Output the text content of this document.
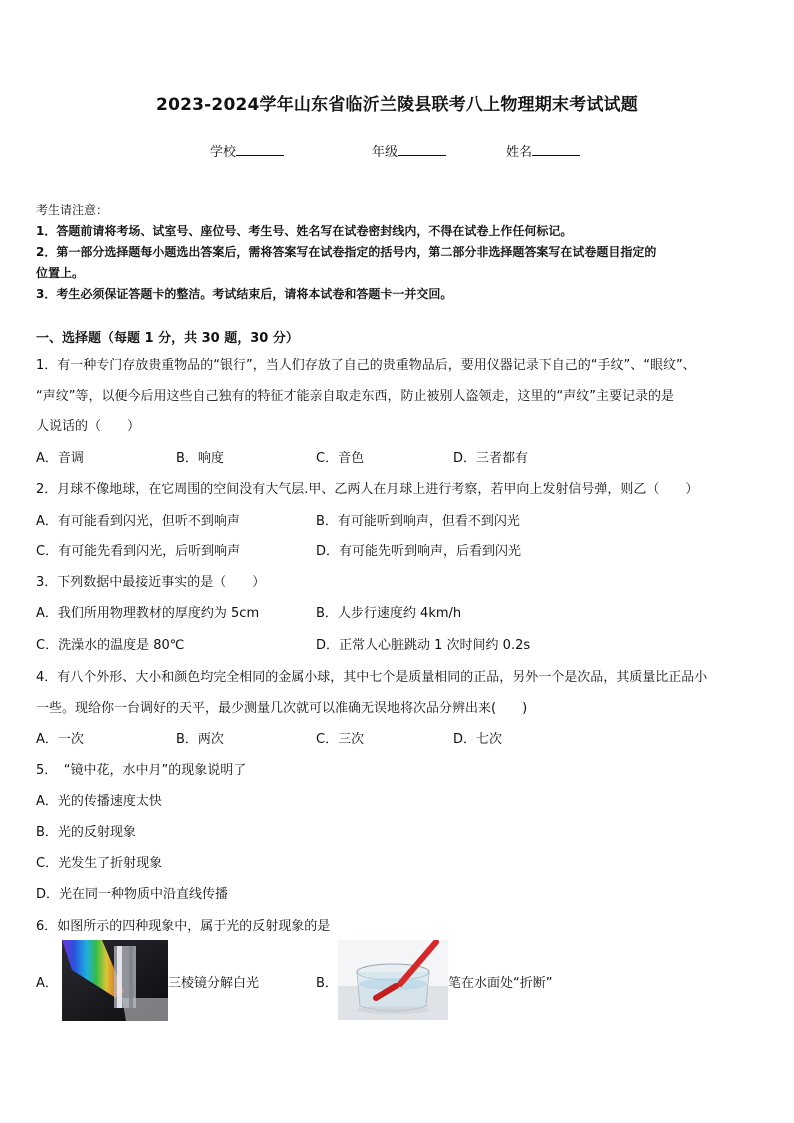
2023-2024学年山东省临沂兰陵县联考八上物理期末考试试题
学校	年级	姓名

考生请注意：

1．答题前请将考场、试室号、座位号、考生号、姓名写在试卷密封线内，不得在试卷上作任何标记。

2．第一部分选择题每小题选出答案后，需将答案写在试卷指定的括号内，第二部分非选择题答案写在试卷题目指定的

位置上。

3．考生必须保证答题卡的整洁。考试结束后，请将本试卷和答题卡一并交回。

一、选择题（每题 1 分，共 30 题，30 分）
1．有一种专门存放贵重物品的“银行”，当人们存放了自己的贵重物品后，要用仪器记录下自己的“手纹”、“眼纹”、
“声纹”等，以便今后用这些自己独有的特征才能亲自取走东西，防止被别人盗领走，这里的“声纹”主要记录的是
人说话的（　　）
A．音调	B．响度	C．音色	D．三者都有
2．月球不像地球，在它周围的空间没有大气层.甲、乙两人在月球上进行考察，若甲向上发射信号弹，则乙（　　）
A．有可能看到闪光，但听不到响声	B．有可能听到响声，但看不到闪光
C．有可能先看到闪光，后听到响声	D．有可能先听到响声，后看到闪光
3．下列数据中最接近事实的是（　　）
A．我们所用物理教材的厚度约为 5cm	B．人步行速度约 4km/h
C．洗澡水的温度是 80℃	D．正常人心脏跳动 1 次时间约 0.2s
4．有八个外形、大小和颜色均完全相同的金属小球，其中七个是质量相同的正品，另外一个是次品，其质量比正品小
一些。现给你一台调好的天平，最少测量几次就可以准确无误地将次品分辨出来(　　)
A．一次	B．两次	C．三次	D．七次
5．　“镜中花，水中月”的现象说明了
A．光的传播速度太快
B．光的反射现象
C．光发生了折射现象
D．光在同一种物质中沿直线传播
6．如图所示的四种现象中，属于光的反射现象的是
A．	三棱镜分解白光	B．	笔在水面处“折断”
